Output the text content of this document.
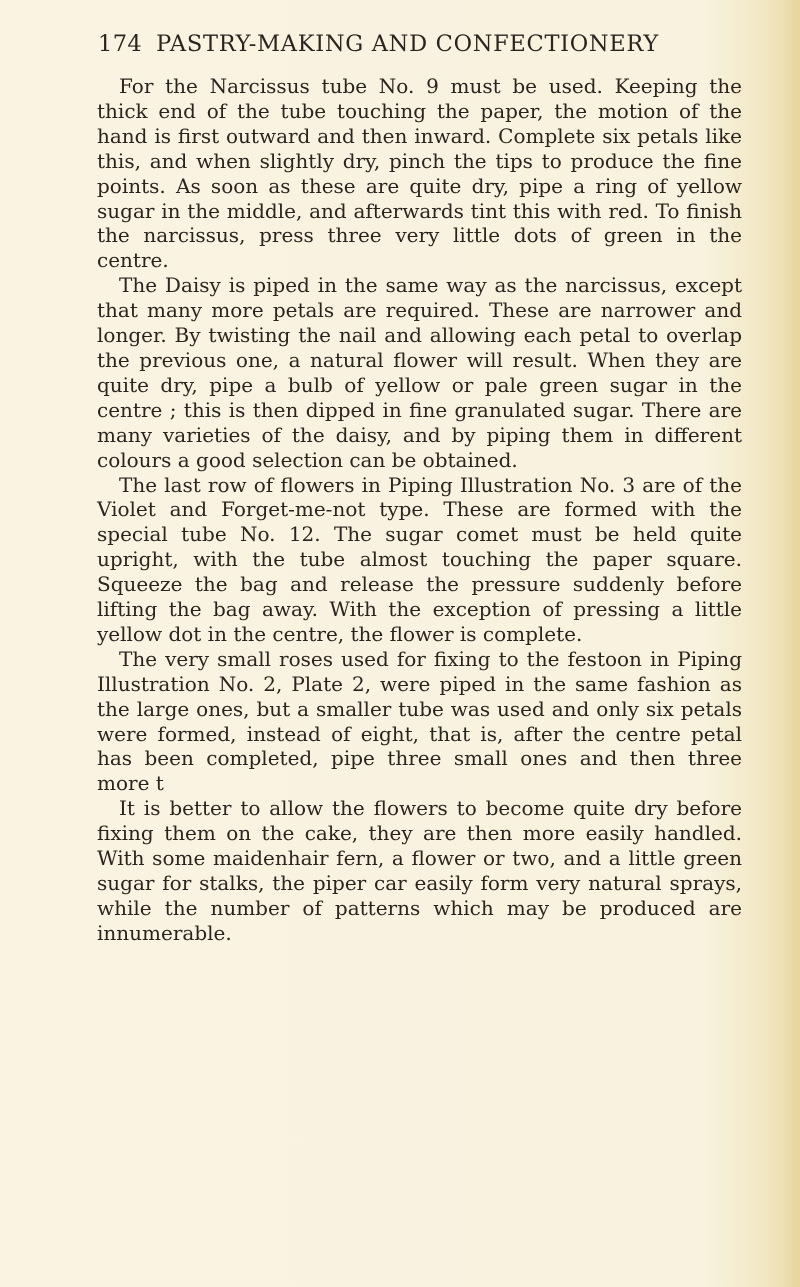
174 PASTRY-MAKING AND CONFECTIONERY

For the Narcissus tube No. 9 must be used. Keeping the thick end of the tube touching the paper, the motion of the hand is first outward and then inward. Complete six petals like this, and when slightly dry, pinch the tips to produce the fine points. As soon as these are quite dry, pipe a ring of yellow sugar in the middle, and afterwards tint this with red. To finish the narcissus, press three very little dots of green in the centre.

The Daisy is piped in the same way as the narcissus, except that many more petals are required. These are narrower and longer. By twisting the nail and allowing each petal to overlap the previous one, a natural flower will result. When they are quite dry, pipe a bulb of yellow or pale green sugar in the centre ; this is then dipped in fine granulated sugar. There are many varieties of the daisy, and by piping them in different colours a good selection can be obtained.

The last row of flowers in Piping Illustration No. 3 are of the Violet and Forget-me-not type. These are formed with the special tube No. 12. The sugar comet must be held quite upright, with the tube almost touching the paper square. Squeeze the bag and release the pressure suddenly before lifting the bag away. With the exception of pressing a little yellow dot in the centre, the flower is complete.

The very small roses used for fixing to the festoon in Piping Illustration No. 2, Plate 2, were piped in the same fashion as the large ones, but a smaller tube was used and only six petals were formed, instead of eight, that is, after the centre petal has been completed, pipe three small ones and then three more t

It is better to allow the flowers to become quite dry before fixing them on the cake, they are then more easily handled. With some maidenhair fern, a flower or two, and a little green sugar for stalks, the piper car easily form very natural sprays, while the number of patterns which may be produced are innumerable.
